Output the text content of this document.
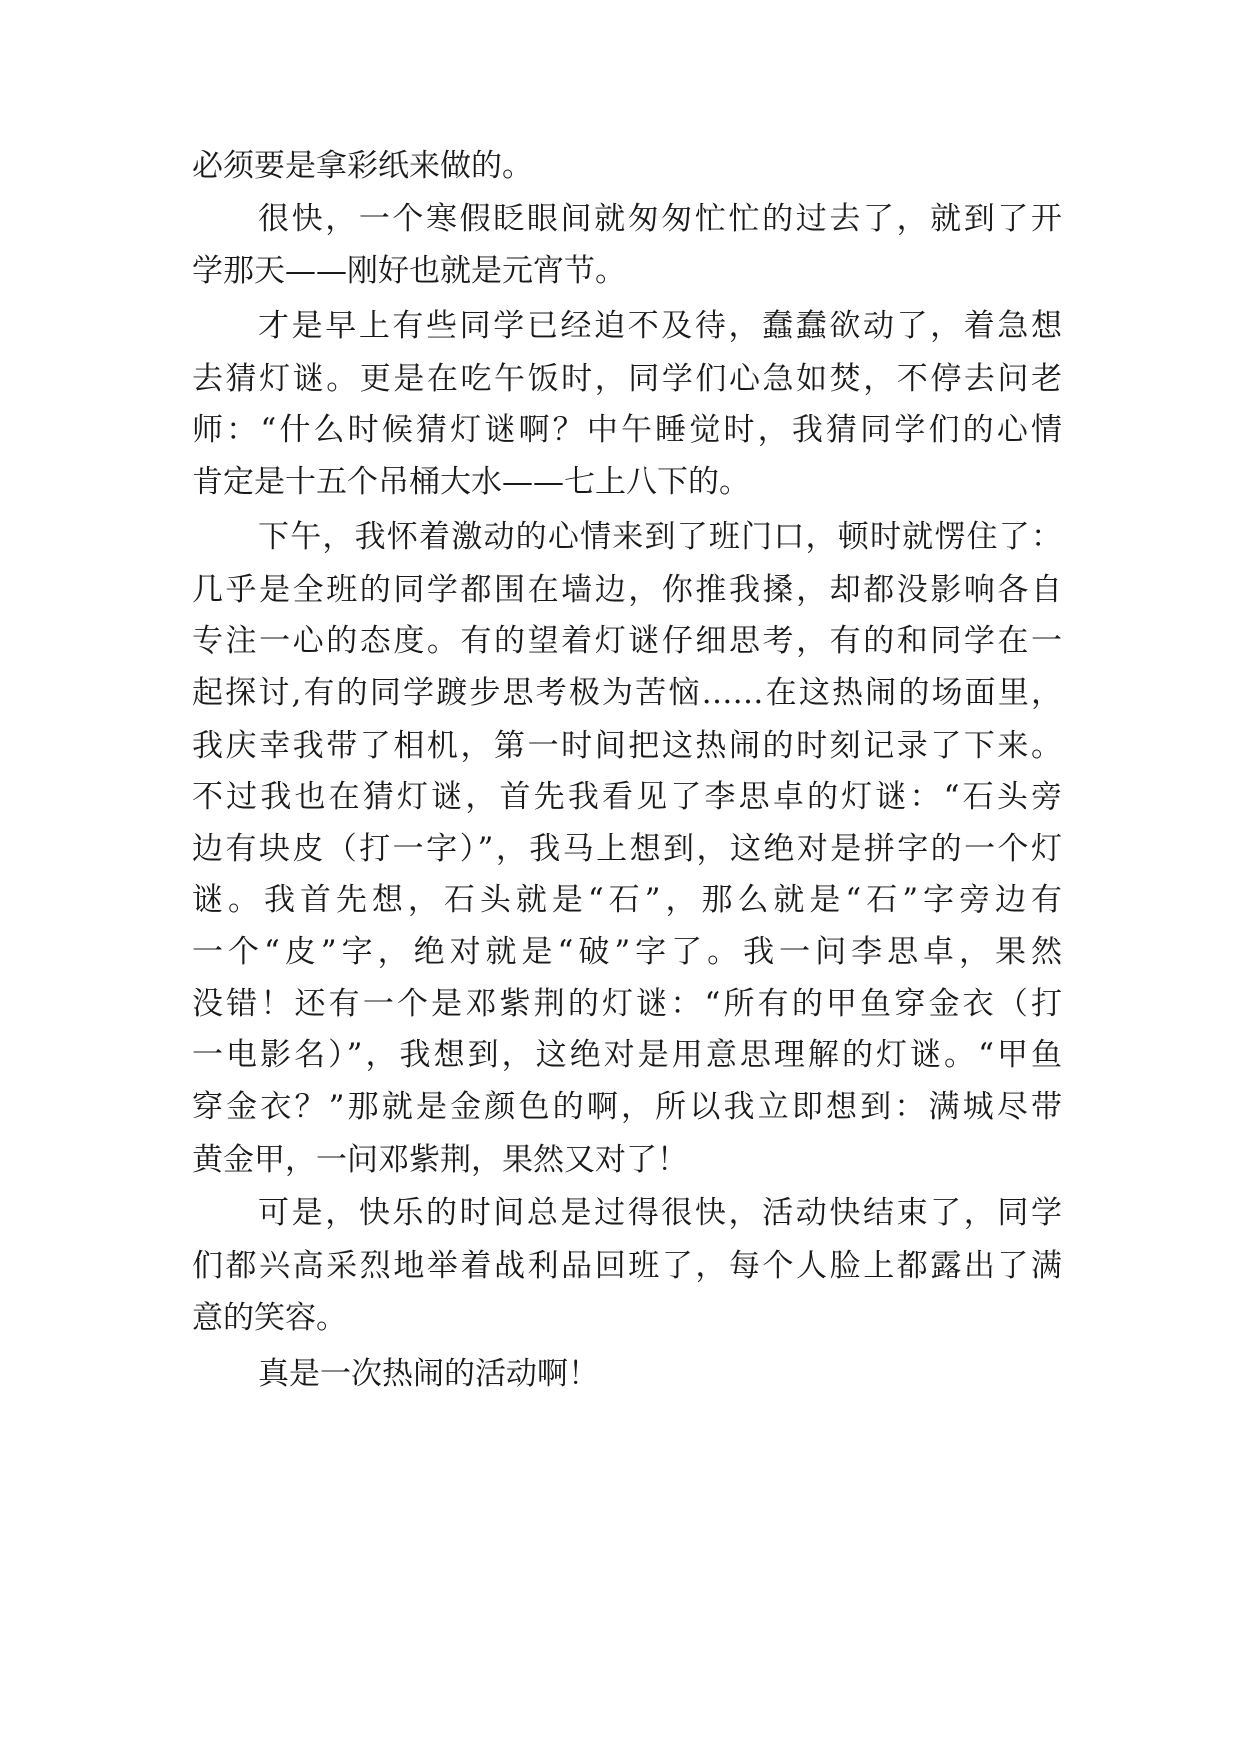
必须要是拿彩纸来做的。
很快，一个寒假眨眼间就匆匆忙忙的过去了，就到了开
学那天——刚好也就是元宵节。
才是早上有些同学已经迫不及待，蠢蠢欲动了，着急想
去猜灯谜。更是在吃午饭时，同学们心急如焚，不停去问老
师：“什么时候猜灯谜啊？中午睡觉时，我猜同学们的心情
肯定是十五个吊桶大水——七上八下的。
下午，我怀着激动的心情来到了班门口，顿时就愣住了：
几乎是全班的同学都围在墙边，你推我搡，却都没影响各自
专注一心的态度。有的望着灯谜仔细思考，有的和同学在一
起探讨,有的同学踱步思考极为苦恼……在这热闹的场面里，
我庆幸我带了相机，第一时间把这热闹的时刻记录了下来。
不过我也在猜灯谜，首先我看见了李思卓的灯谜：“石头旁
边有块皮（打一字）”，我马上想到，这绝对是拼字的一个灯
谜。我首先想，石头就是“石”，那么就是“石”字旁边有
一个“皮”字，绝对就是“破”字了。我一问李思卓，果然
没错！还有一个是邓紫荆的灯谜：“所有的甲鱼穿金衣（打
一电影名）”，我想到，这绝对是用意思理解的灯谜。“甲鱼
穿金衣？”那就是金颜色的啊，所以我立即想到：满城尽带
黄金甲，一问邓紫荆，果然又对了！
可是，快乐的时间总是过得很快，活动快结束了，同学
们都兴高采烈地举着战利品回班了，每个人脸上都露出了满
意的笑容。
真是一次热闹的活动啊！
